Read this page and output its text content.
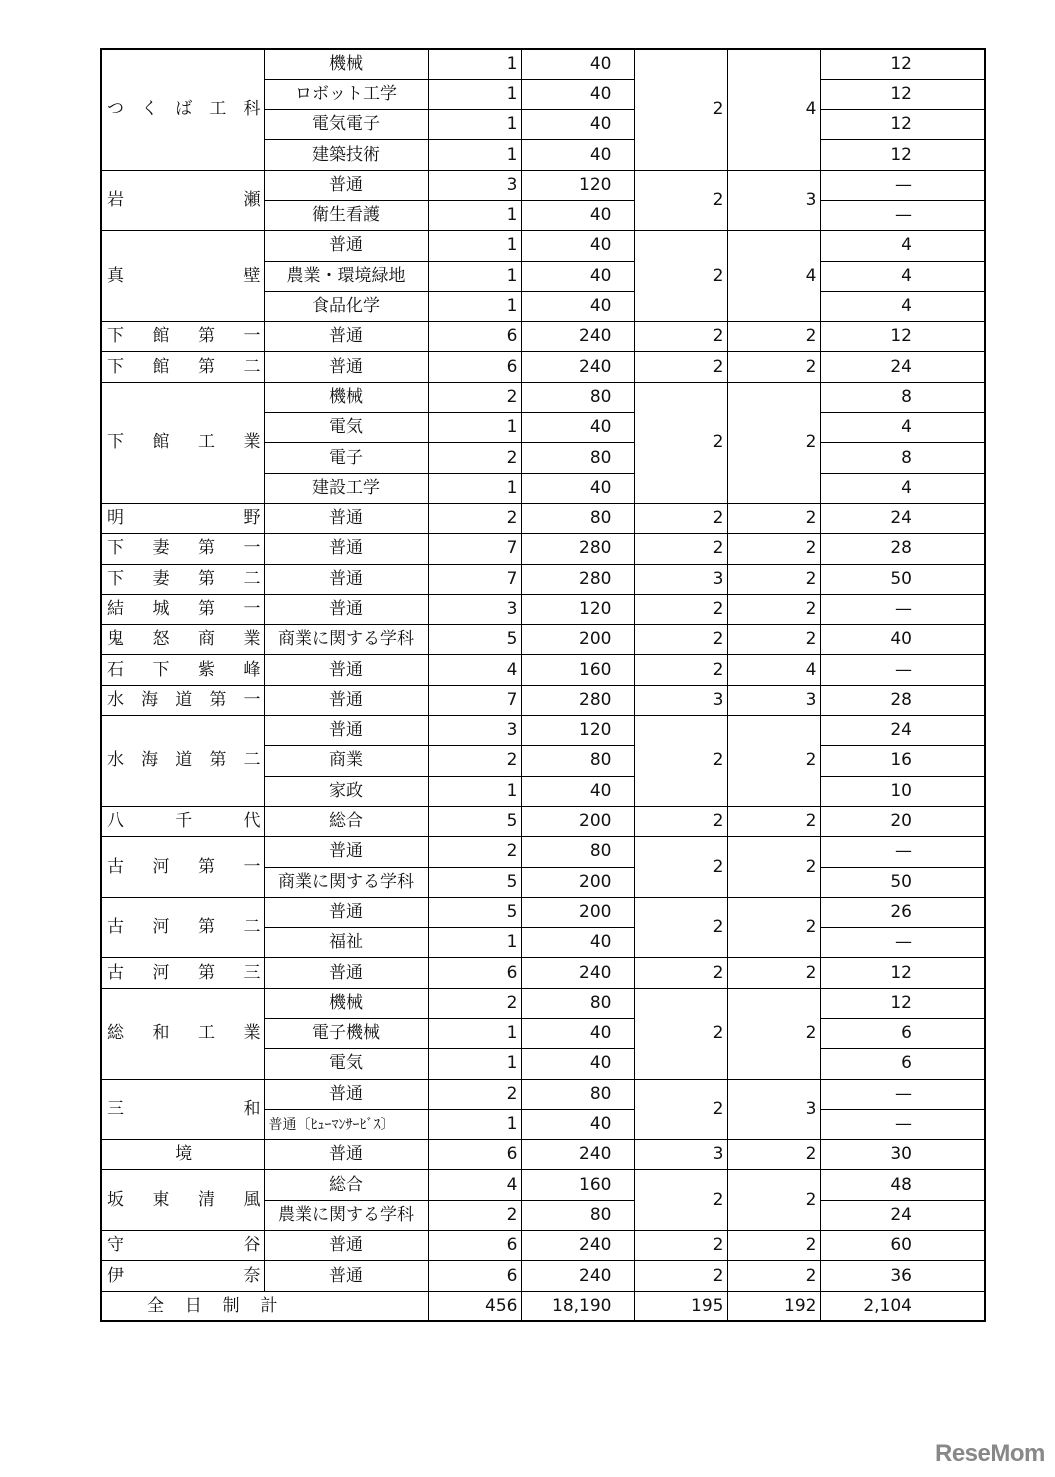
つくば工科	機械	1	40	2	4	12
	ロボット工学	1	40			12
	電気電子	1	40			12
	建築技術	1	40			12
岩瀬	普通	3	120	2	3	—
	衛生看護	1	40			—
真壁	普通	1	40	2	4	4
	農業・環境緑地	1	40			4
	食品化学	1	40			4
下館第一	普通	6	240	2	2	12
下館第二	普通	6	240	2	2	24
下館工業	機械	2	80	2	2	8
	電気	1	40			4
	電子	2	80			8
	建設工学	1	40			4
明野	普通	2	80	2	2	24
下妻第一	普通	7	280	2	2	28
下妻第二	普通	7	280	3	2	50
結城第一	普通	3	120	2	2	—
鬼怒商業	商業に関する学科	5	200	2	2	40
石下紫峰	普通	4	160	2	4	—
水海道第一	普通	7	280	3	3	28
水海道第二	普通	3	120	2	2	24
	商業	2	80			16
	家政	1	40			10
八千代	総合	5	200	2	2	20
古河第一	普通	2	80	2	2	—
	商業に関する学科	5	200			50
古河第二	普通	5	200	2	2	26
	福祉	1	40			—
古河第三	普通	6	240	2	2	12
総和工業	機械	2	80	2	2	12
	電子機械	1	40			6
	電気	1	40			6
三和	普通	2	80	2	3	—
	普通〔ﾋｭｰﾏﾝｻｰﾋﾞｽ〕	1	40			—
境	普通	6	240	3	2	30
坂東清風	総合	4	160	2	2	48
	農業に関する学科	2	80			24
守谷	普通	6	240	2	2	60
伊奈	普通	6	240	2	2	36
全日制計		456	18,190	195	192	2,104
ReseMom
